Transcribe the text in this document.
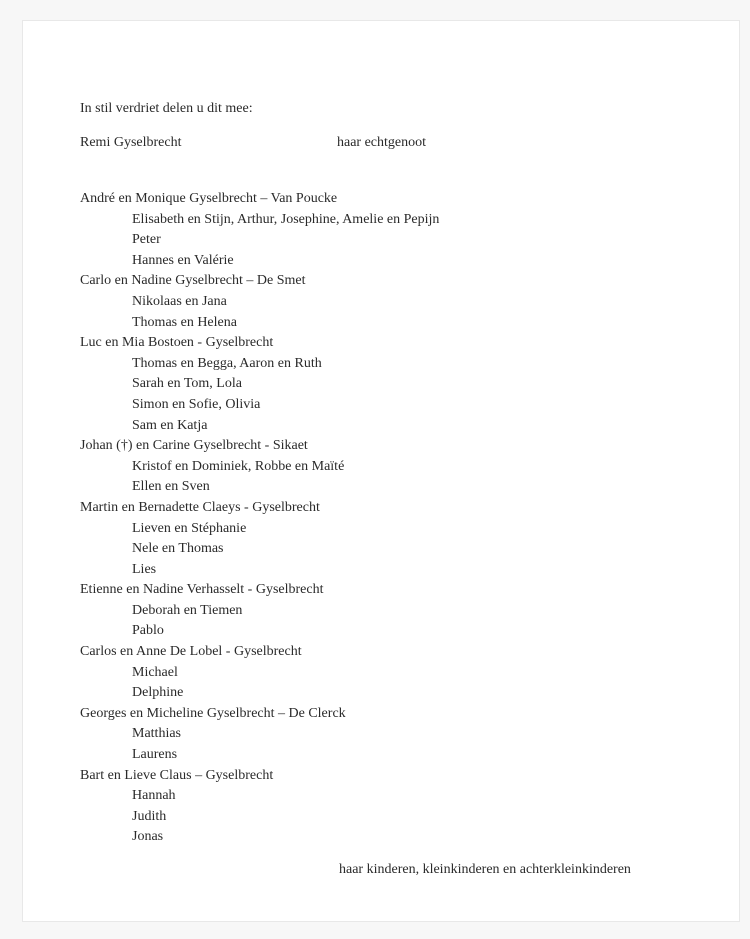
In stil verdriet delen u dit mee:
Remi Gyselbrecht	haar echtgenoot
André en Monique Gyselbrecht – Van Poucke
Elisabeth en Stijn, Arthur, Josephine, Amelie en Pepijn
Peter
Hannes en Valérie
Carlo en Nadine Gyselbrecht – De Smet
Nikolaas en Jana
Thomas en Helena
Luc en Mia Bostoen - Gyselbrecht
Thomas en Begga, Aaron en Ruth
Sarah en Tom, Lola
Simon en Sofie, Olivia
Sam en Katja
Johan (†) en Carine Gyselbrecht - Sikaet
Kristof en Dominiek, Robbe en Maïté
Ellen en Sven
Martin en Bernadette Claeys - Gyselbrecht
Lieven en Stéphanie
Nele en Thomas
Lies
Etienne en Nadine Verhasselt - Gyselbrecht
Deborah en Tiemen
Pablo
Carlos en Anne De Lobel - Gyselbrecht
Michael
Delphine
Georges en Micheline Gyselbrecht – De Clerck
Matthias
Laurens
Bart en Lieve Claus – Gyselbrecht
Hannah
Judith
Jonas
haar kinderen, kleinkinderen en achterkleinkinderen
